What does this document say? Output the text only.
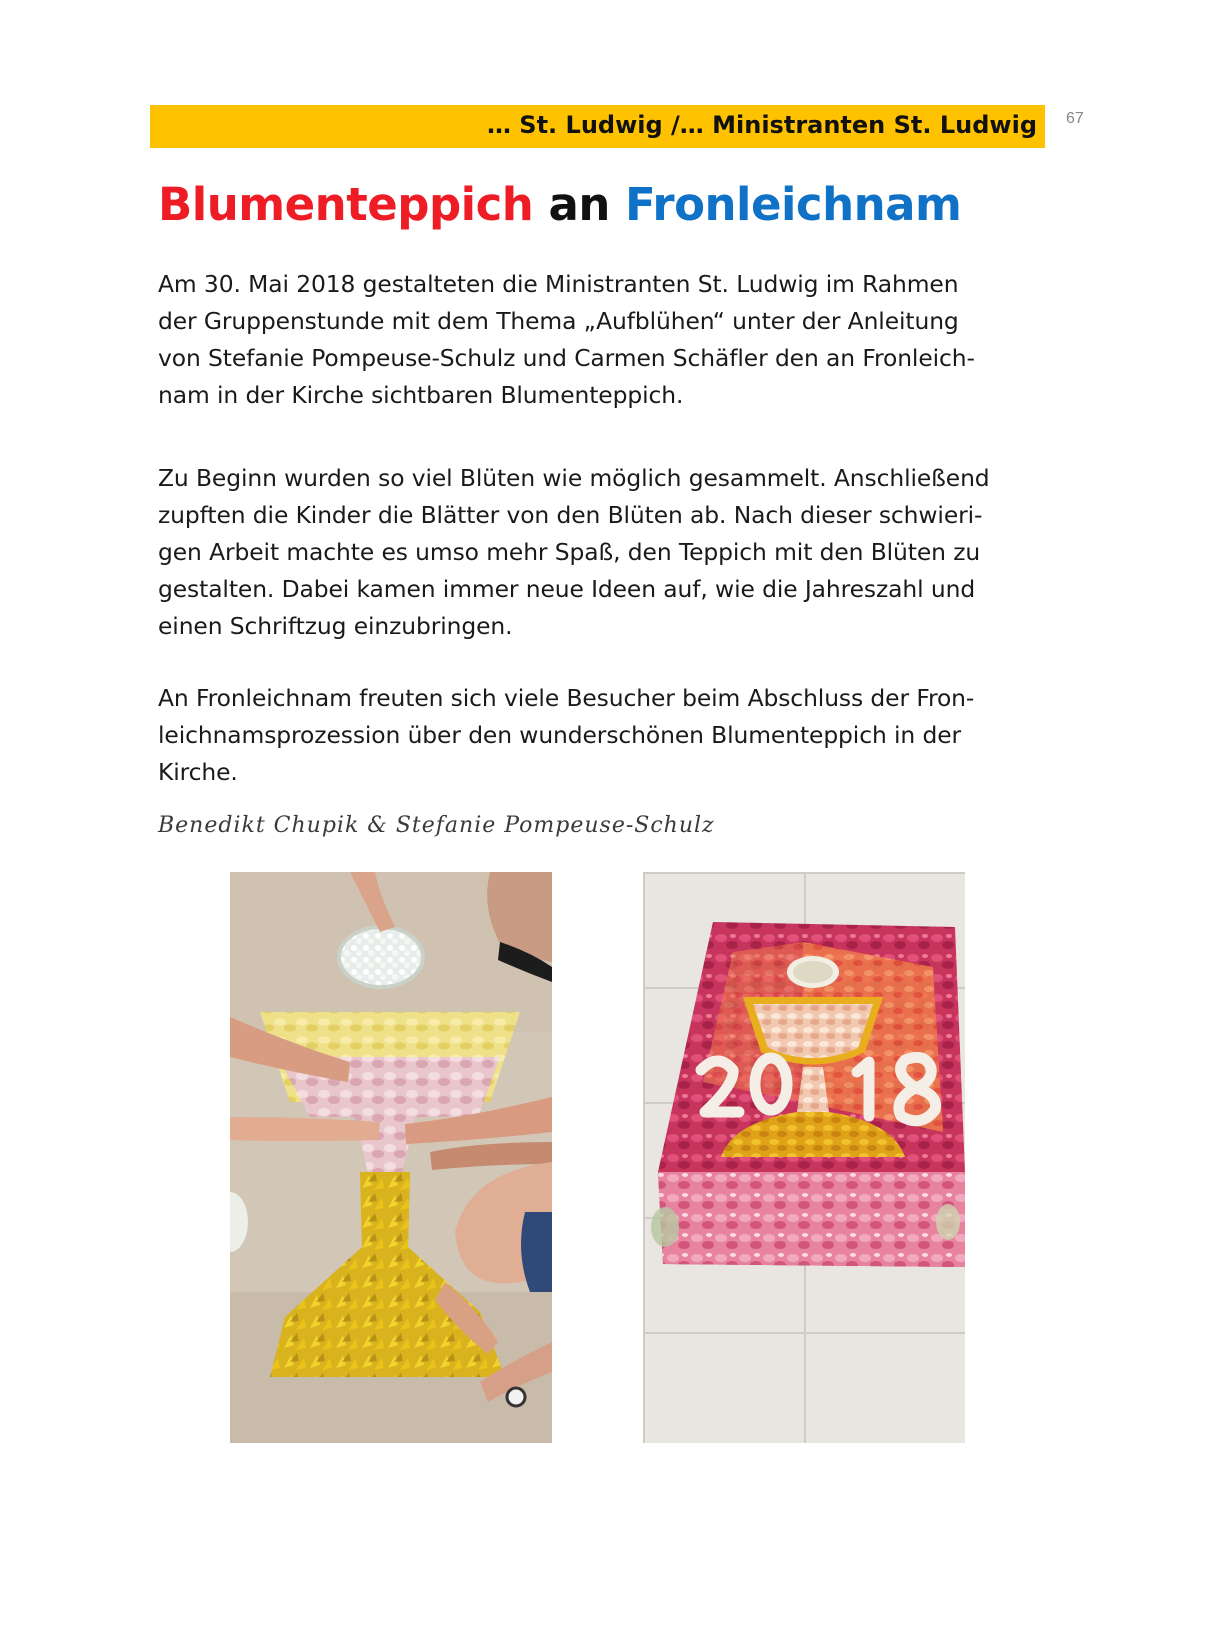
… St. Ludwig /… Ministranten St. Ludwig 67
Blumenteppich an Fronleichnam
Am 30. Mai 2018 gestalteten die Ministranten St. Ludwig im Rahmen
der Gruppenstunde mit dem Thema „Aufblühen“ unter der Anleitung
von Stefanie Pompeuse-Schulz und Carmen Schäfler den an Fronleich-
nam in der Kirche sichtbaren Blumenteppich.
Zu Beginn wurden so viel Blüten wie möglich gesammelt. Anschließend
zupften die Kinder die Blätter von den Blüten ab. Nach dieser schwieri-
gen Arbeit machte es umso mehr Spaß, den Teppich mit den Blüten zu
gestalten. Dabei kamen immer neue Ideen auf, wie die Jahreszahl und
einen Schriftzug einzubringen.
An Fronleichnam freuten sich viele Besucher beim Abschluss der Fron-
leichnamsprozession über den wunderschönen Blumenteppich in der
Kirche.
Benedikt Chupik & Stefanie Pompeuse-Schulz
